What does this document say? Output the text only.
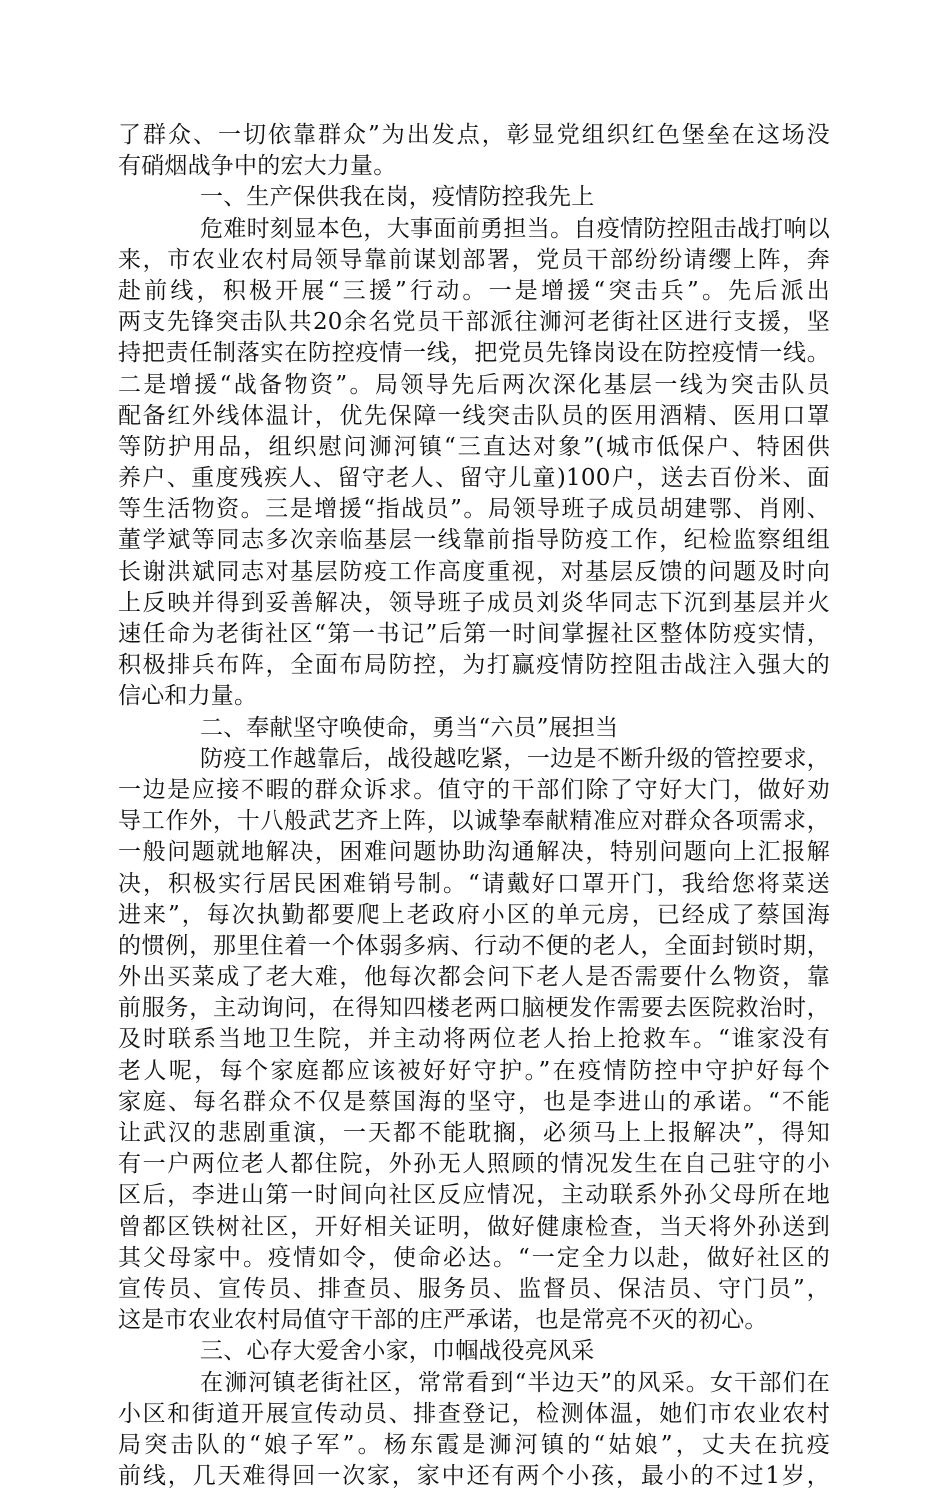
了群众、一切依靠群众”为出发点，彰显党组织红色堡垒在这场没
有硝烟战争中的宏大力量。
一、生产保供我在岗，疫情防控我先上
危难时刻显本色，大事面前勇担当。自疫情防控阻击战打响以
来，市农业农村局领导靠前谋划部署，党员干部纷纷请缨上阵，奔
赴前线，积极开展“三援”行动。一是增援“突击兵”。先后派出
两支先锋突击队共20余名党员干部派往浉河老街社区进行支援，坚
持把责任制落实在防控疫情一线，把党员先锋岗设在防控疫情一线。
二是增援“战备物资”。局领导先后两次深化基层一线为突击队员
配备红外线体温计，优先保障一线突击队员的医用酒精、医用口罩
等防护用品，组织慰问浉河镇“三直达对象”(城市低保户、特困供
养户、重度残疾人、留守老人、留守儿童)100户，送去百份米、面
等生活物资。三是增援“指战员”。局领导班子成员胡建鄂、肖刚、
董学斌等同志多次亲临基层一线靠前指导防疫工作，纪检监察组组
长谢洪斌同志对基层防疫工作高度重视，对基层反馈的问题及时向
上反映并得到妥善解决，领导班子成员刘炎华同志下沉到基层并火
速任命为老街社区“第一书记”后第一时间掌握社区整体防疫实情，
积极排兵布阵，全面布局防控，为打赢疫情防控阻击战注入强大的
信心和力量。
二、奉献坚守唤使命，勇当“六员”展担当
防疫工作越靠后，战役越吃紧，一边是不断升级的管控要求，
一边是应接不暇的群众诉求。值守的干部们除了守好大门，做好劝
导工作外，十八般武艺齐上阵，以诚挚奉献精准应对群众各项需求，
一般问题就地解决，困难问题协助沟通解决，特别问题向上汇报解
决，积极实行居民困难销号制。“请戴好口罩开门，我给您将菜送
进来”，每次执勤都要爬上老政府小区的单元房，已经成了蔡国海
的惯例，那里住着一个体弱多病、行动不便的老人，全面封锁时期，
外出买菜成了老大难，他每次都会问下老人是否需要什么物资，靠
前服务，主动询问，在得知四楼老两口脑梗发作需要去医院救治时，
及时联系当地卫生院，并主动将两位老人抬上抢救车。“谁家没有
老人呢，每个家庭都应该被好好守护。”在疫情防控中守护好每个
家庭、每名群众不仅是蔡国海的坚守，也是李进山的承诺。“不能
让武汉的悲剧重演，一天都不能耽搁，必须马上上报解决”，得知
有一户两位老人都住院，外孙无人照顾的情况发生在自己驻守的小
区后，李进山第一时间向社区反应情况，主动联系外孙父母所在地
曾都区铁树社区，开好相关证明，做好健康检查，当天将外孙送到
其父母家中。疫情如令，使命必达。“一定全力以赴，做好社区的
宣传员、宣传员、排查员、服务员、监督员、保洁员、守门员”，
这是市农业农村局值守干部的庄严承诺，也是常亮不灭的初心。
三、心存大爱舍小家，巾帼战役亮风采
在浉河镇老街社区，常常看到“半边天”的风采。女干部们在
小区和街道开展宣传动员、排查登记，检测体温，她们市农业农村
局突击队的“娘子军”。杨东霞是浉河镇的“姑娘”，丈夫在抗疫
前线，几天难得回一次家，家中还有两个小孩，最小的不过1岁，
